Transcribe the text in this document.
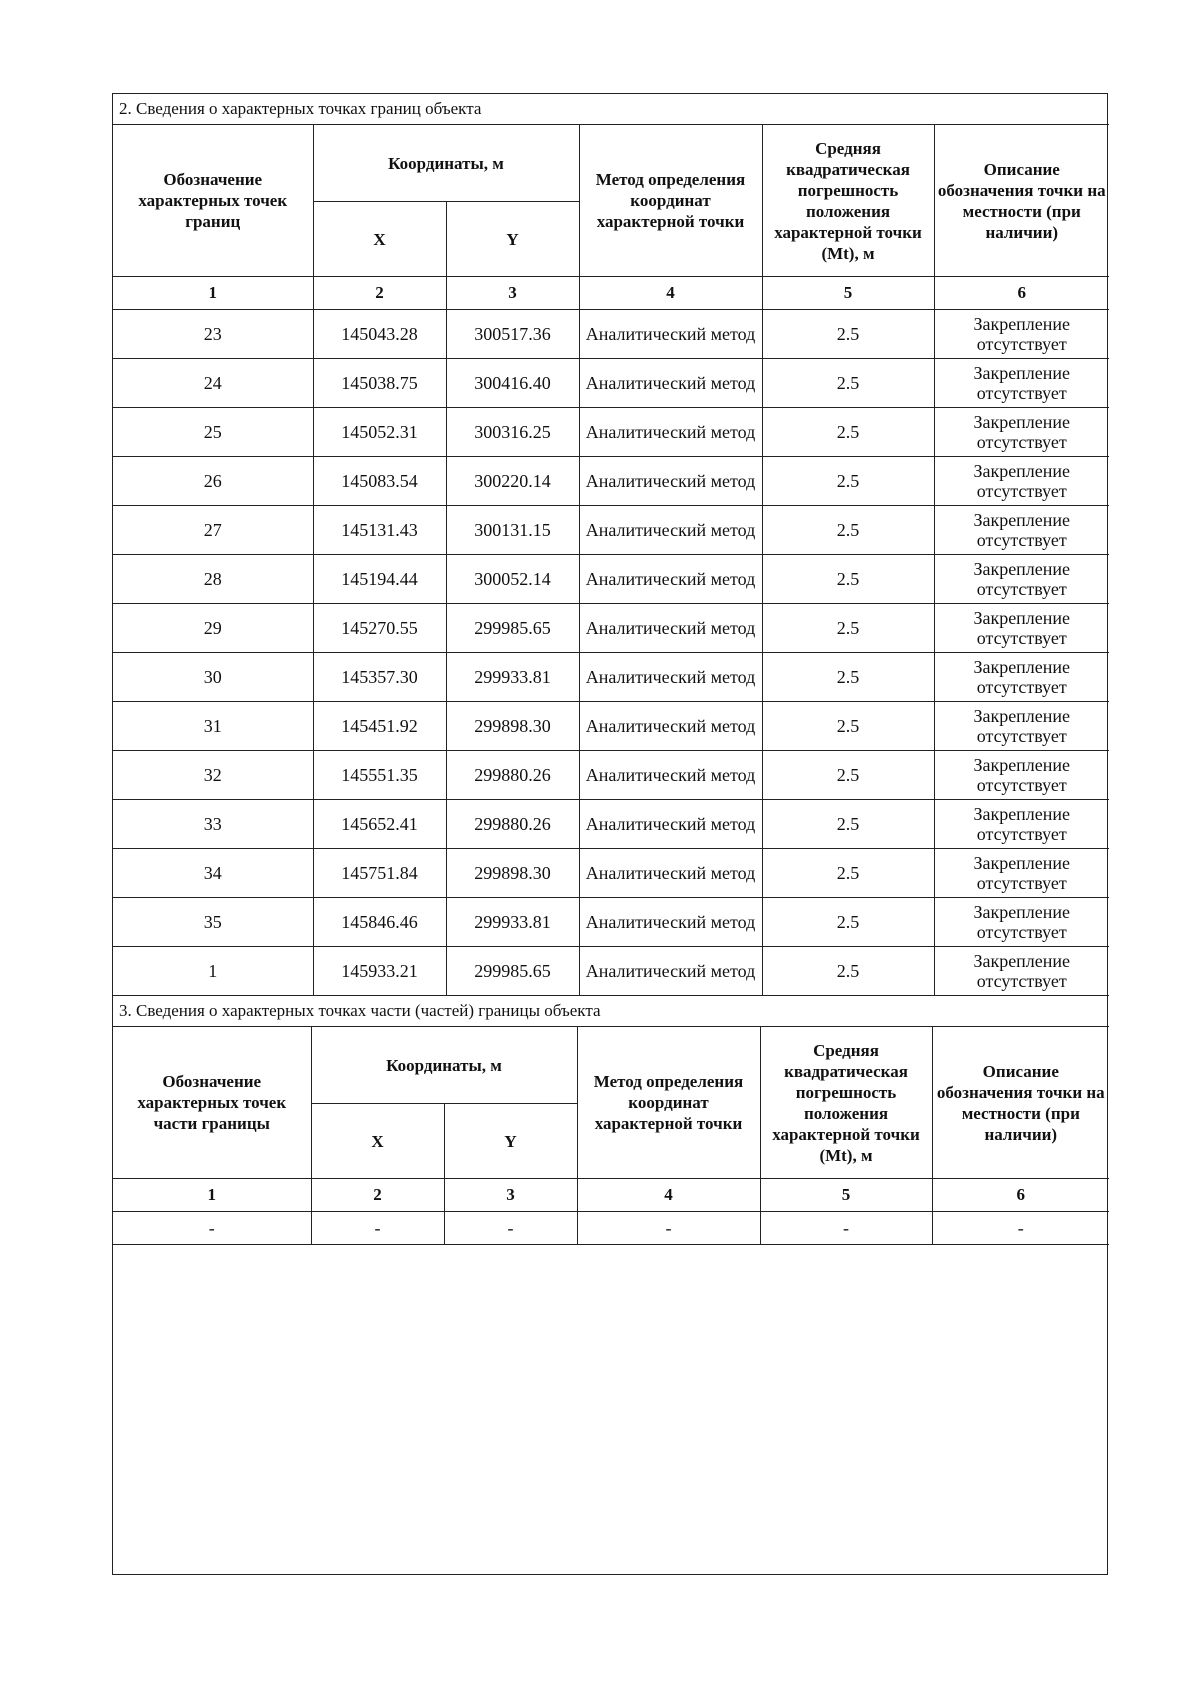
2. Сведения о характерных точках границ объекта					
Обозначение характерных точек границ	Координаты, м		Метод определения координат характерной точки	Средняя квадратическая погрешность положения характерной точки (Mt), м	Описание обозначения точки на местности (при наличии)
	X	Y			
1	2	3	4	5	6
23	145043.28	300517.36	Аналитический метод	2.5	Закрепление отсутствует
24	145038.75	300416.40	Аналитический метод	2.5	Закрепление отсутствует
25	145052.31	300316.25	Аналитический метод	2.5	Закрепление отсутствует
26	145083.54	300220.14	Аналитический метод	2.5	Закрепление отсутствует
27	145131.43	300131.15	Аналитический метод	2.5	Закрепление отсутствует
28	145194.44	300052.14	Аналитический метод	2.5	Закрепление отсутствует
29	145270.55	299985.65	Аналитический метод	2.5	Закрепление отсутствует
30	145357.30	299933.81	Аналитический метод	2.5	Закрепление отсутствует
31	145451.92	299898.30	Аналитический метод	2.5	Закрепление отсутствует
32	145551.35	299880.26	Аналитический метод	2.5	Закрепление отсутствует
33	145652.41	299880.26	Аналитический метод	2.5	Закрепление отсутствует
34	145751.84	299898.30	Аналитический метод	2.5	Закрепление отсутствует
35	145846.46	299933.81	Аналитический метод	2.5	Закрепление отсутствует
1	145933.21	299985.65	Аналитический метод	2.5	Закрепление отсутствует
3. Сведения о характерных точках части (частей) границы объекта					
Обозначение характерных точек части границы	Координаты, м		Метод определения координат характерной точки	Средняя квадратическая погрешность положения характерной точки (Mt), м	Описание обозначения точки на местности (при наличии)
	X	Y			
1	2	3	4	5	6
-	-	-	-	-	-
